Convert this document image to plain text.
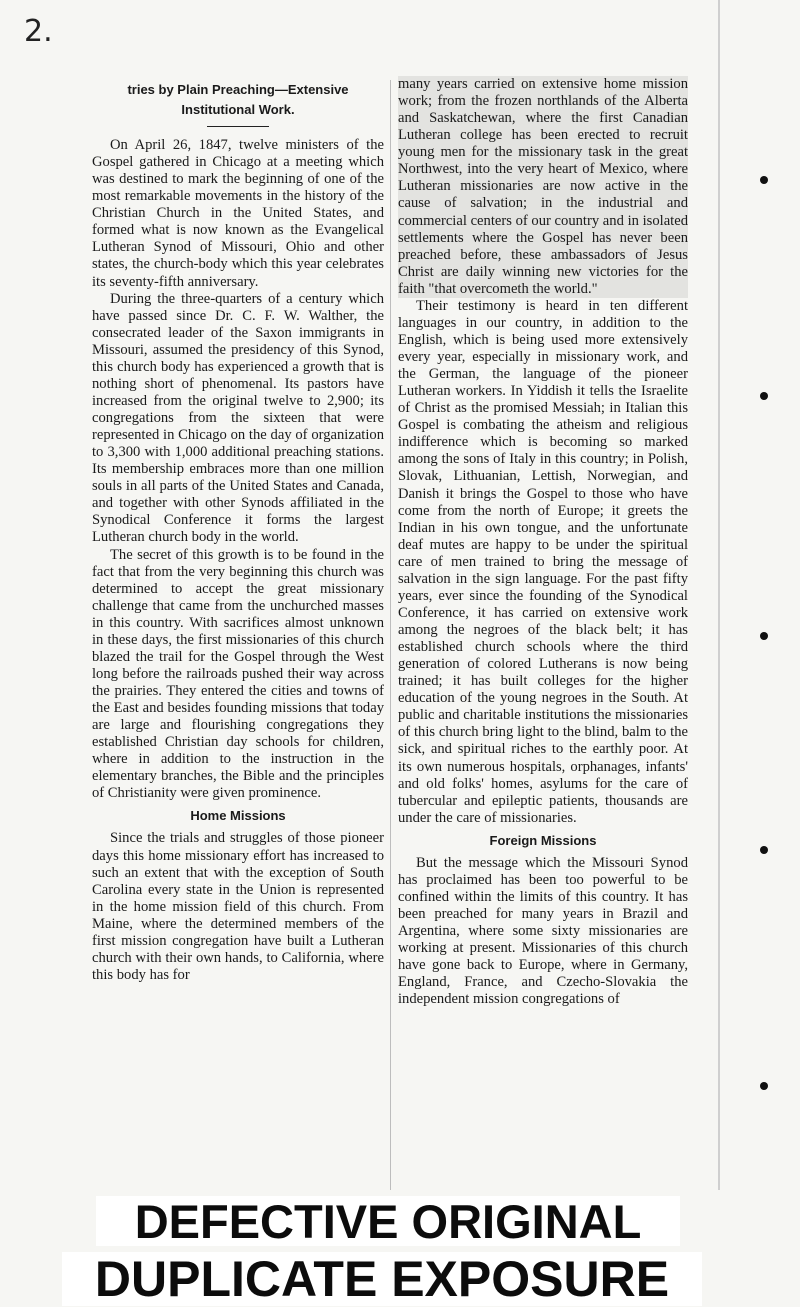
2.
tries by Plain Preaching—Extensive Institutional Work.

On April 26, 1847, twelve ministers of the Gospel gathered in Chicago at a meeting which was destined to mark the beginning of one of the most remarkable movements in the history of the Christian Church in the United States, and formed what is now known as the Evangelical Lutheran Synod of Missouri, Ohio and other states, the church-body which this year celebrates its seventy-fifth anniversary.

During the three-quarters of a century which have passed since Dr. C. F. W. Walther, the consecrated leader of the Saxon immigrants in Missouri, assumed the presidency of this Synod, this church body has experienced a growth that is nothing short of phenomenal. Its pastors have increased from the original twelve to 2,900; its congregations from the sixteen that were represented in Chicago on the day of organization to 3,300 with 1,000 additional preaching stations. Its membership embraces more than one million souls in all parts of the United States and Canada, and together with other Synods affiliated in the Synodical Conference it forms the largest Lutheran church body in the world.

The secret of this growth is to be found in the fact that from the very beginning this church was determined to accept the great missionary challenge that came from the unchurched masses in this country. With sacrifices almost unknown in these days, the first missionaries of this church blazed the trail for the Gospel through the West long before the railroads pushed their way across the prairies. They entered the cities and towns of the East and besides founding missions that today are large and flourishing congregations they established Christian day schools for children, where in addition to the instruction in the elementary branches, the Bible and the principles of Christianity were given prominence.

Home Missions

Since the trials and struggles of those pioneer days this home missionary effort has increased to such an extent that with the exception of South Carolina every state in the Union is represented in the home mission field of this church. From Maine, where the determined members of the first mission congregation have built a Lutheran church with their own hands, to California, where this body has for

many years carried on extensive home mission work; from the frozen northlands of the Alberta and Saskatchewan, where the first Canadian Lutheran college has been erected to recruit young men for the missionary task in the great Northwest, into the very heart of Mexico, where Lutheran missionaries are now active in the cause of salvation; in the industrial and commercial centers of our country and in isolated settlements where the Gospel has never been preached before, these ambassadors of Jesus Christ are daily winning new victories for the faith "that overcometh the world."

Their testimony is heard in ten different languages in our country, in addition to the English, which is being used more extensively every year, especially in missionary work, and the German, the language of the pioneer Lutheran workers. In Yiddish it tells the Israelite of Christ as the promised Messiah; in Italian this Gospel is combating the atheism and religious indifference which is becoming so marked among the sons of Italy in this country; in Polish, Slovak, Lithuanian, Lettish, Norwegian, and Danish it brings the Gospel to those who have come from the north of Europe; it greets the Indian in his own tongue, and the unfortunate deaf mutes are happy to be under the spiritual care of men trained to bring the message of salvation in the sign language. For the past fifty years, ever since the founding of the Synodical Conference, it has carried on extensive work among the negroes of the black belt; it has established church schools where the third generation of colored Lutherans is now being trained; it has built colleges for the higher education of the young negroes in the South. At public and charitable institutions the missionaries of this church bring light to the blind, balm to the sick, and spiritual riches to the earthly poor. At its own numerous hospitals, orphanages, infants' and old folks' homes, asylums for the care of tubercular and epileptic patients, thousands are under the care of missionaries.

Foreign Missions

But the message which the Missouri Synod has proclaimed has been too powerful to be confined within the limits of this country. It has been preached for many years in Brazil and Argentina, where some sixty missionaries are working at present. Missionaries of this church have gone back to Europe, where in Germany, England, France, and Czecho-Slovakia the independent mission congregations of

DEFECTIVE ORIGINAL
DUPLICATE EXPOSURE
